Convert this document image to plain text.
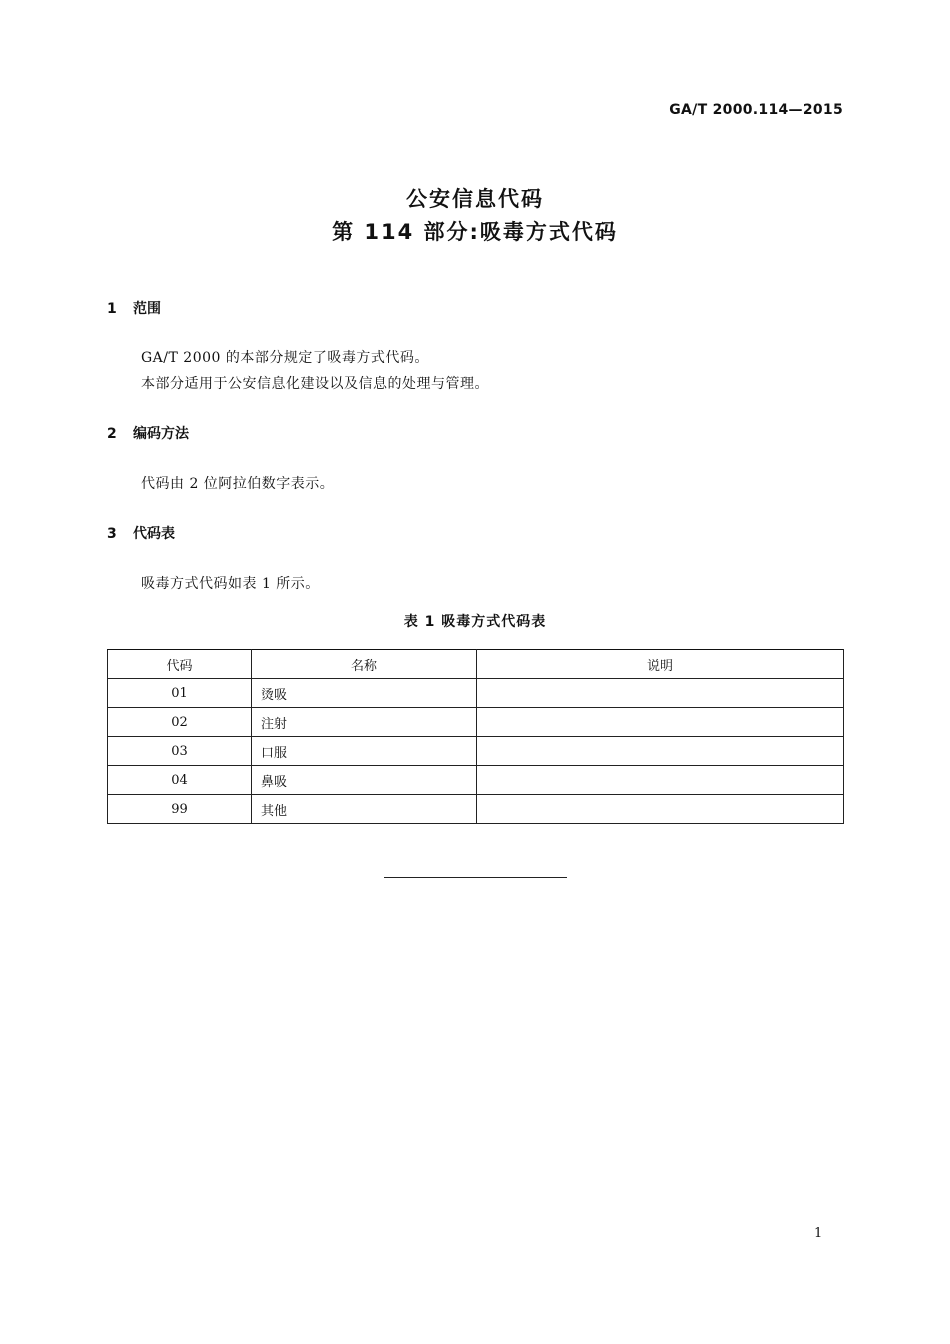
GA/T 2000.114—2015
公安信息代码
第 114 部分:吸毒方式代码
1 范围
GA/T 2000 的本部分规定了吸毒方式代码。
本部分适用于公安信息化建设以及信息的处理与管理。
2 编码方法
代码由 2 位阿拉伯数字表示。
3 代码表
吸毒方式代码如表 1 所示。
表 1 吸毒方式代码表
代码	名称	说明
01	烫吸	
02	注射	
03	口服	
04	鼻吸	
99	其他	
1
